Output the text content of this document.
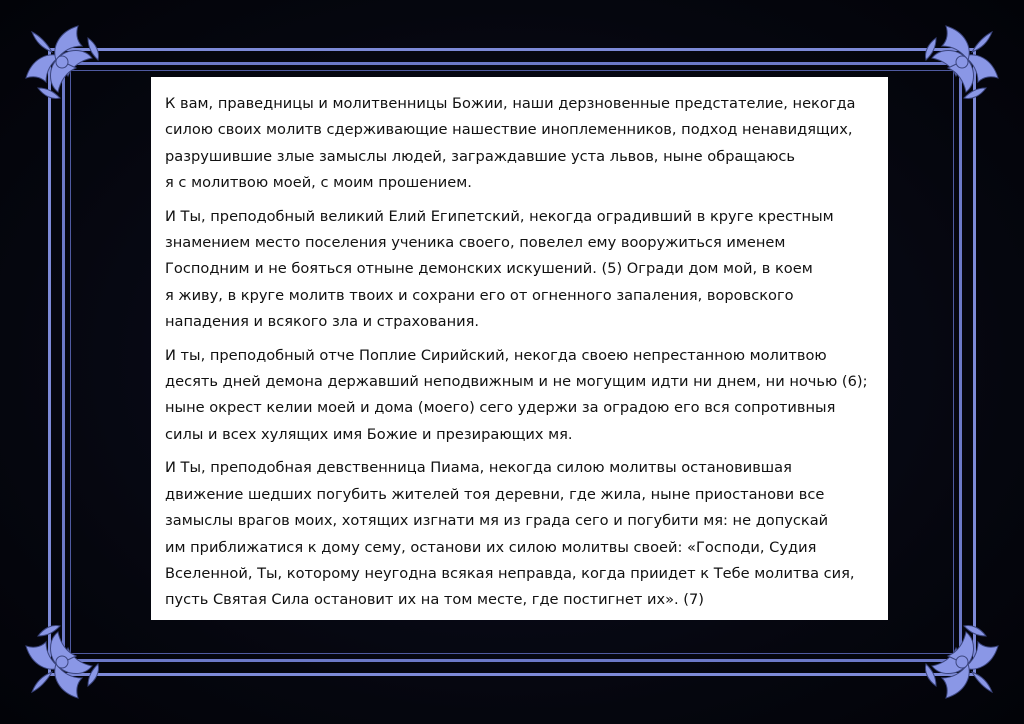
К вам, праведницы и молитвенницы Божии, наши дерзновенные предстателие, некогда
силою своих молитв сдерживающие нашествие иноплеменников, подход ненавидящих,
разрушившие злые замыслы людей, заграждавшие уста львов, ныне обращаюсь
я с молитвою моей, с моим прошением.

И Ты, преподобный великий Елий Египетский, некогда оградивший в круге крестным
знамением место поселения ученика своего, повелел ему вооружиться именем
Господним и не бояться отныне демонских искушений. (5) Огради дом мой, в коем
я живу, в круге молитв твоих и сохрани его от огненного запаления, воровского
нападения и всякого зла и страхования.

И ты, преподобный отче Поплие Сирийский, некогда своею непрестанною молитвою
десять дней демона державший неподвижным и не могущим идти ни днем, ни ночью (6);
ныне окрест келии моей и дома (моего) сего удержи за оградою его вся сопротивныя
силы и всех хулящих имя Божие и презирающих мя.

И Ты, преподобная девственница Пиама, некогда силою молитвы остановившая
движение шедших погубить жителей тоя деревни, где жила, ныне приостанови все
замыслы врагов моих, хотящих изгнати мя из града сего и погубити мя: не допускай
им приближатися к дому сему, останови их силою молитвы своей: «Господи, Судия
Вселенной, Ты, которому неугодна всякая неправда, когда приидет к Тебе молитва сия,
пусть Святая Сила остановит их на том месте, где постигнет их». (7)
